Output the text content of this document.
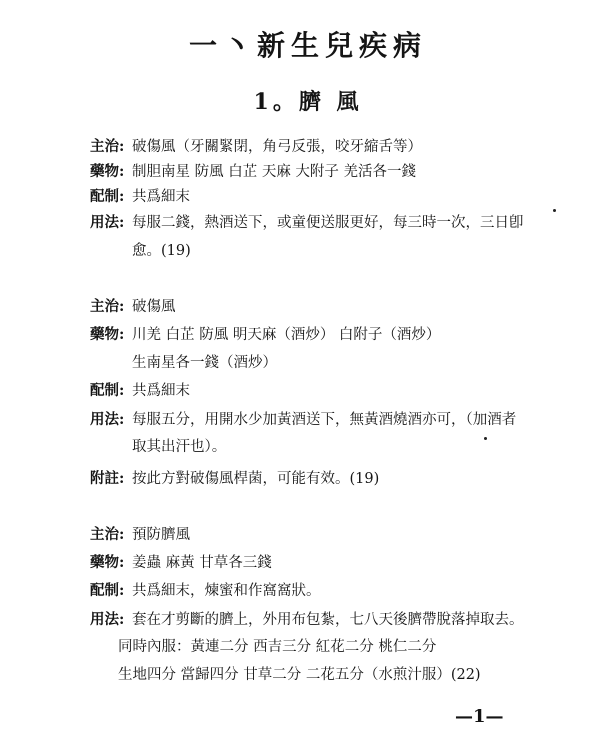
一丶新生兒疾病
1。臍 風
主治: 破傷風（牙關緊閉，角弓反張，咬牙縮舌等）
藥物: 制胆南星 防風 白芷 天麻 大附子 羌活各一錢
配制: 共爲細末
用法: 每服二錢，熱酒送下，或童便送服更好，每三時一次，三日卽
愈。(19)
主治: 破傷風
藥物: 川羌 白芷 防風 明天麻（酒炒） 白附子（酒炒）
生南星各一錢（酒炒）
配制: 共爲細末
用法: 每服五分，用開水少加黃酒送下，無黃酒燒酒亦可，（加酒者
取其出汗也）。
附註: 按此方對破傷風桿菌，可能有效。(19)
主治: 預防臍風
藥物: 姜蟲 麻黃 甘草各三錢
配制: 共爲細末，煉蜜和作窩窩狀。
用法: 套在才剪斷的臍上，外用布包紮，七八天後臍帶脫落掉取去。
同時內服：黃連二分 西吉三分 紅花二分 桃仁二分
生地四分 當歸四分 甘草二分 二花五分（水煎汁服）(22)
—1—
